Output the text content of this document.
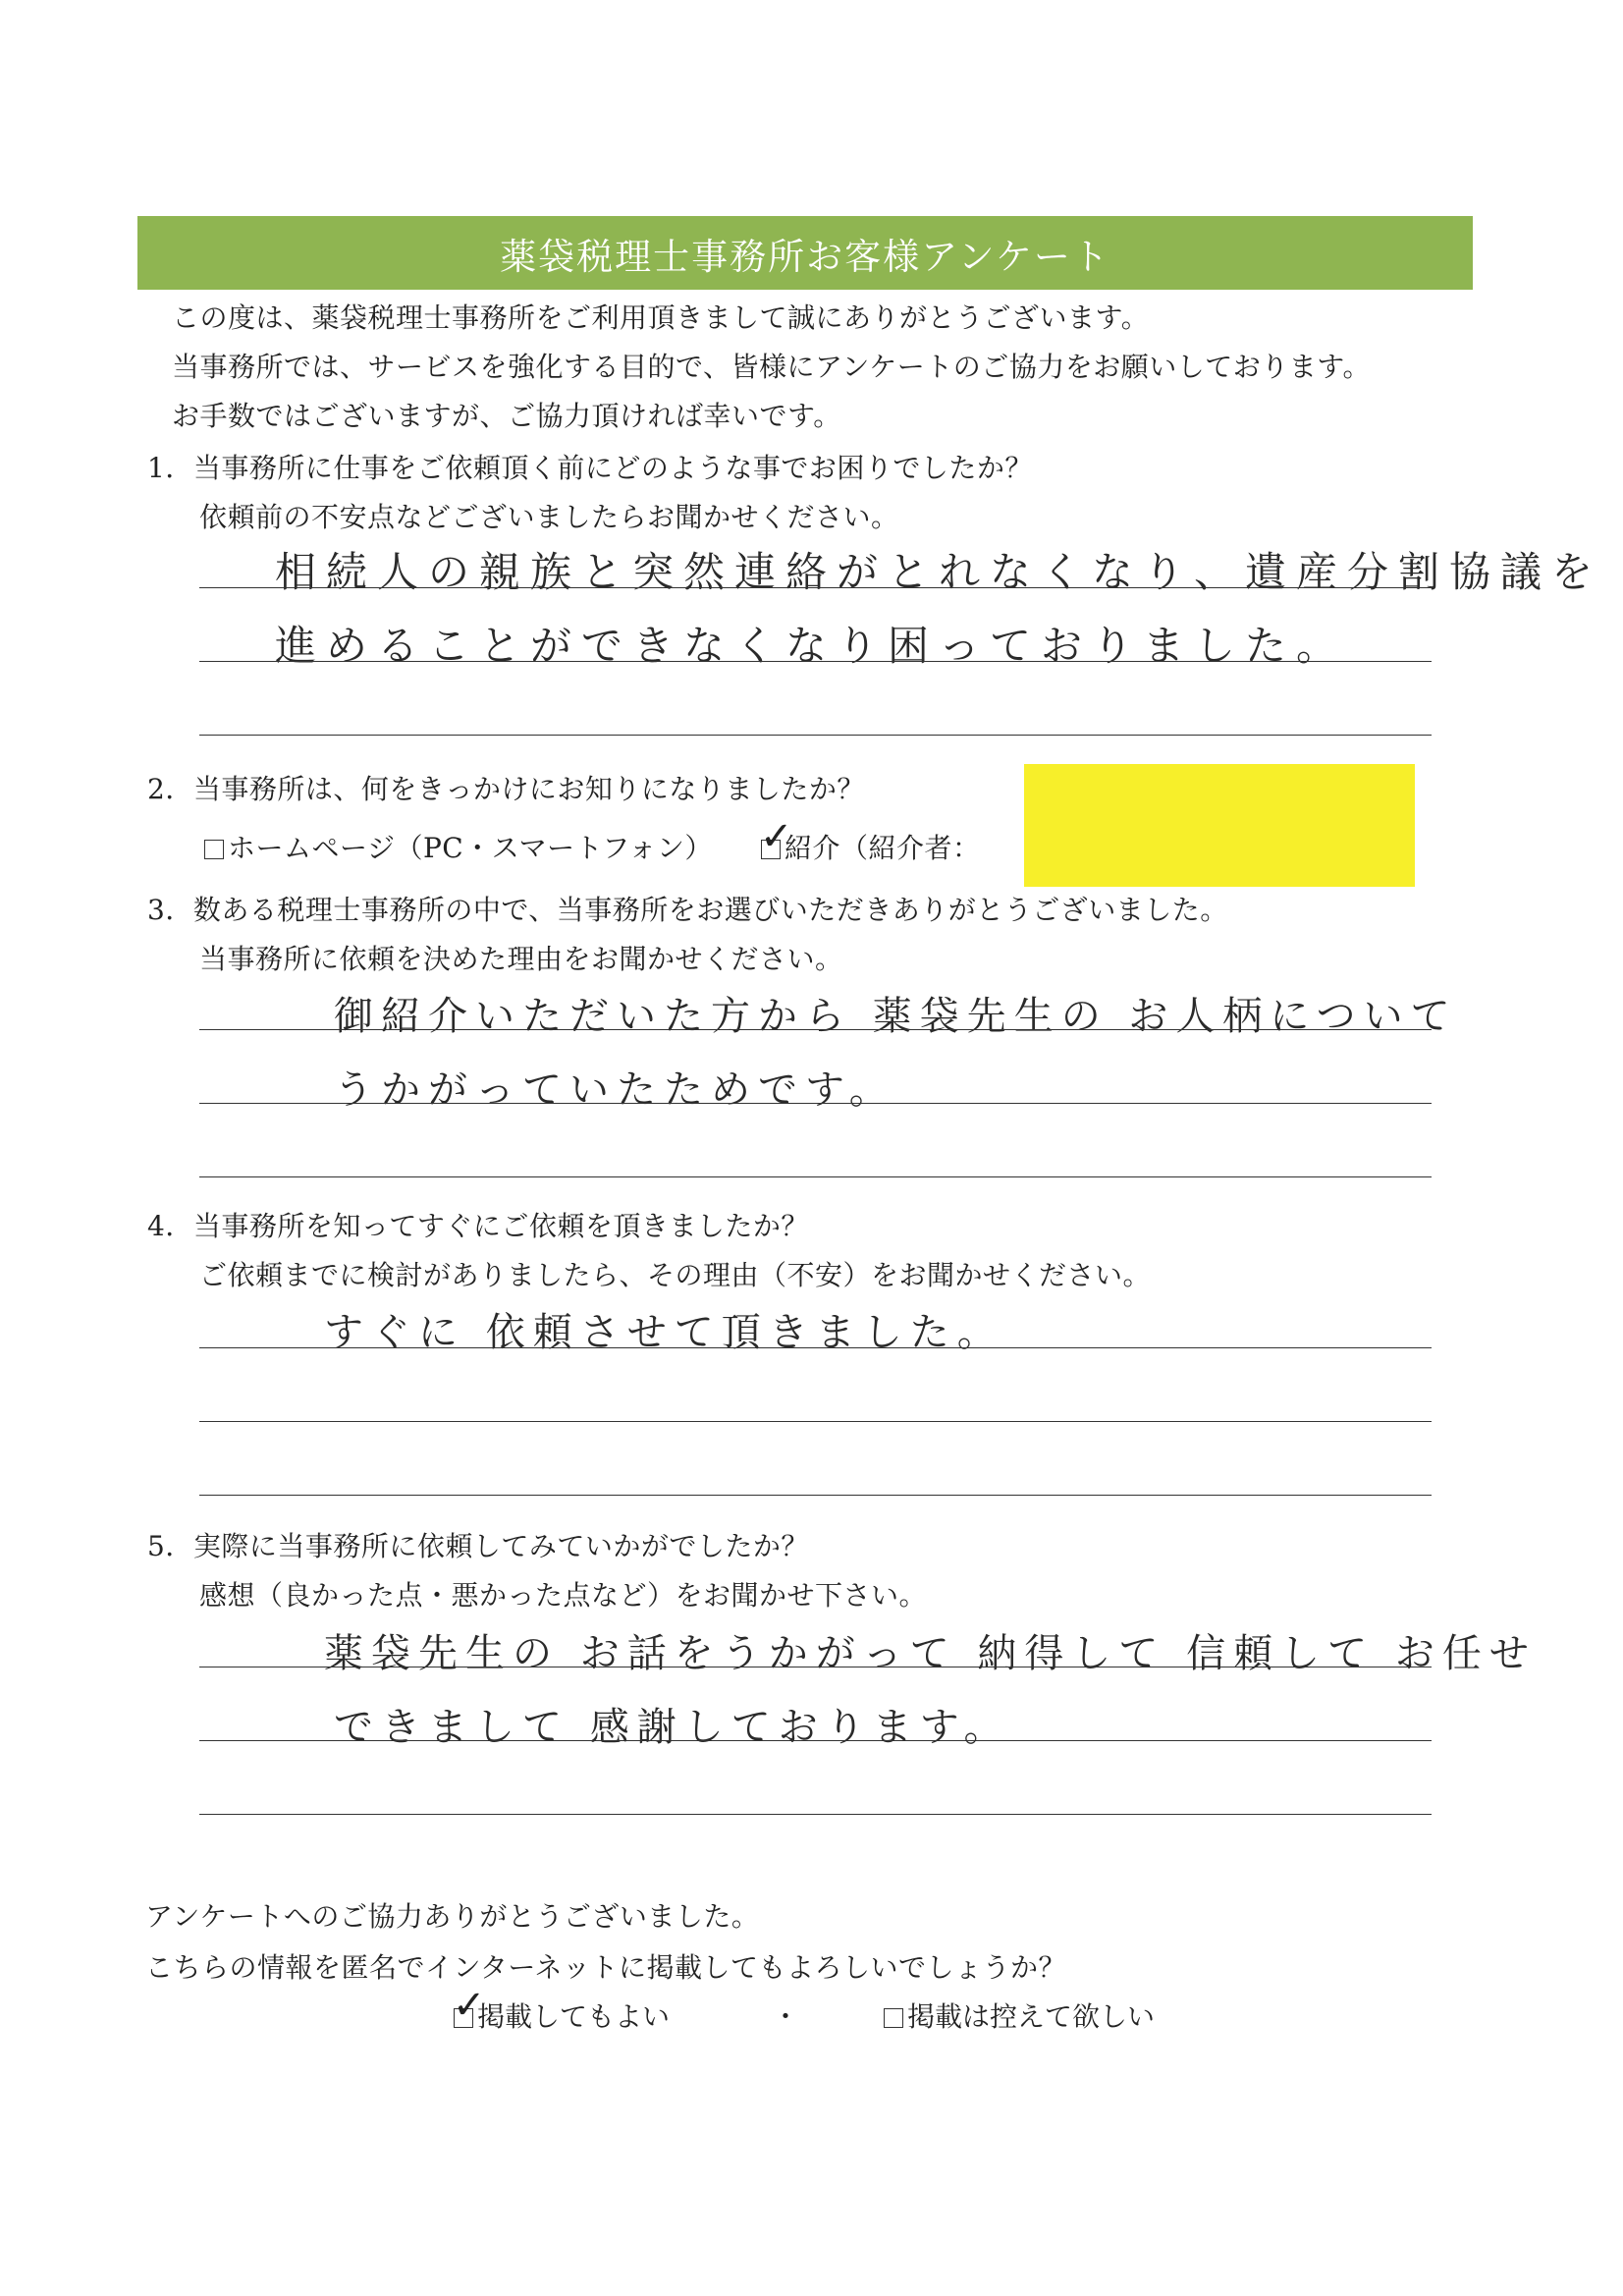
薬袋税理士事務所お客様アンケート
この度は、薬袋税理士事務所をご利用頂きまして誠にありがとうございます。
当事務所では、サービスを強化する目的で、皆様にアンケートのご協力をお願いしております。
お手数ではございますが、ご協力頂ければ幸いです。
1．当事務所に仕事をご依頼頂く前にどのような事でお困りでしたか？
依頼前の不安点などございましたらお聞かせください。
相続人の親族と突然連絡がとれなくなり、遺産分割協議を
進めることができなくなり困っておりました。
2．当事務所は、何をきっかけにお知りになりましたか？
ホームページ（PC・スマートフォン） ✓
紹介（紹介者：
3．数ある税理士事務所の中で、当事務所をお選びいただきありがとうございました。
当事務所に依頼を決めた理由をお聞かせください。
御紹介いただいた方から 薬袋先生の お人柄について
うかがっていたためです。
4．当事務所を知ってすぐにご依頼を頂きましたか？
ご依頼までに検討がありましたら、その理由（不安）をお聞かせください。
すぐに 依頼させて頂きました。
5．実際に当事務所に依頼してみていかがでしたか？
感想（良かった点・悪かった点など）をお聞かせ下さい。
薬袋先生の お話をうかがって 納得して 信頼して お任せ
できまして 感謝しております。
アンケートへのご協力ありがとうございました。
こちらの情報を匿名でインターネットに掲載してもよろしいでしょうか？
✓
掲載してもよい	・	掲載は控えて欲しい
